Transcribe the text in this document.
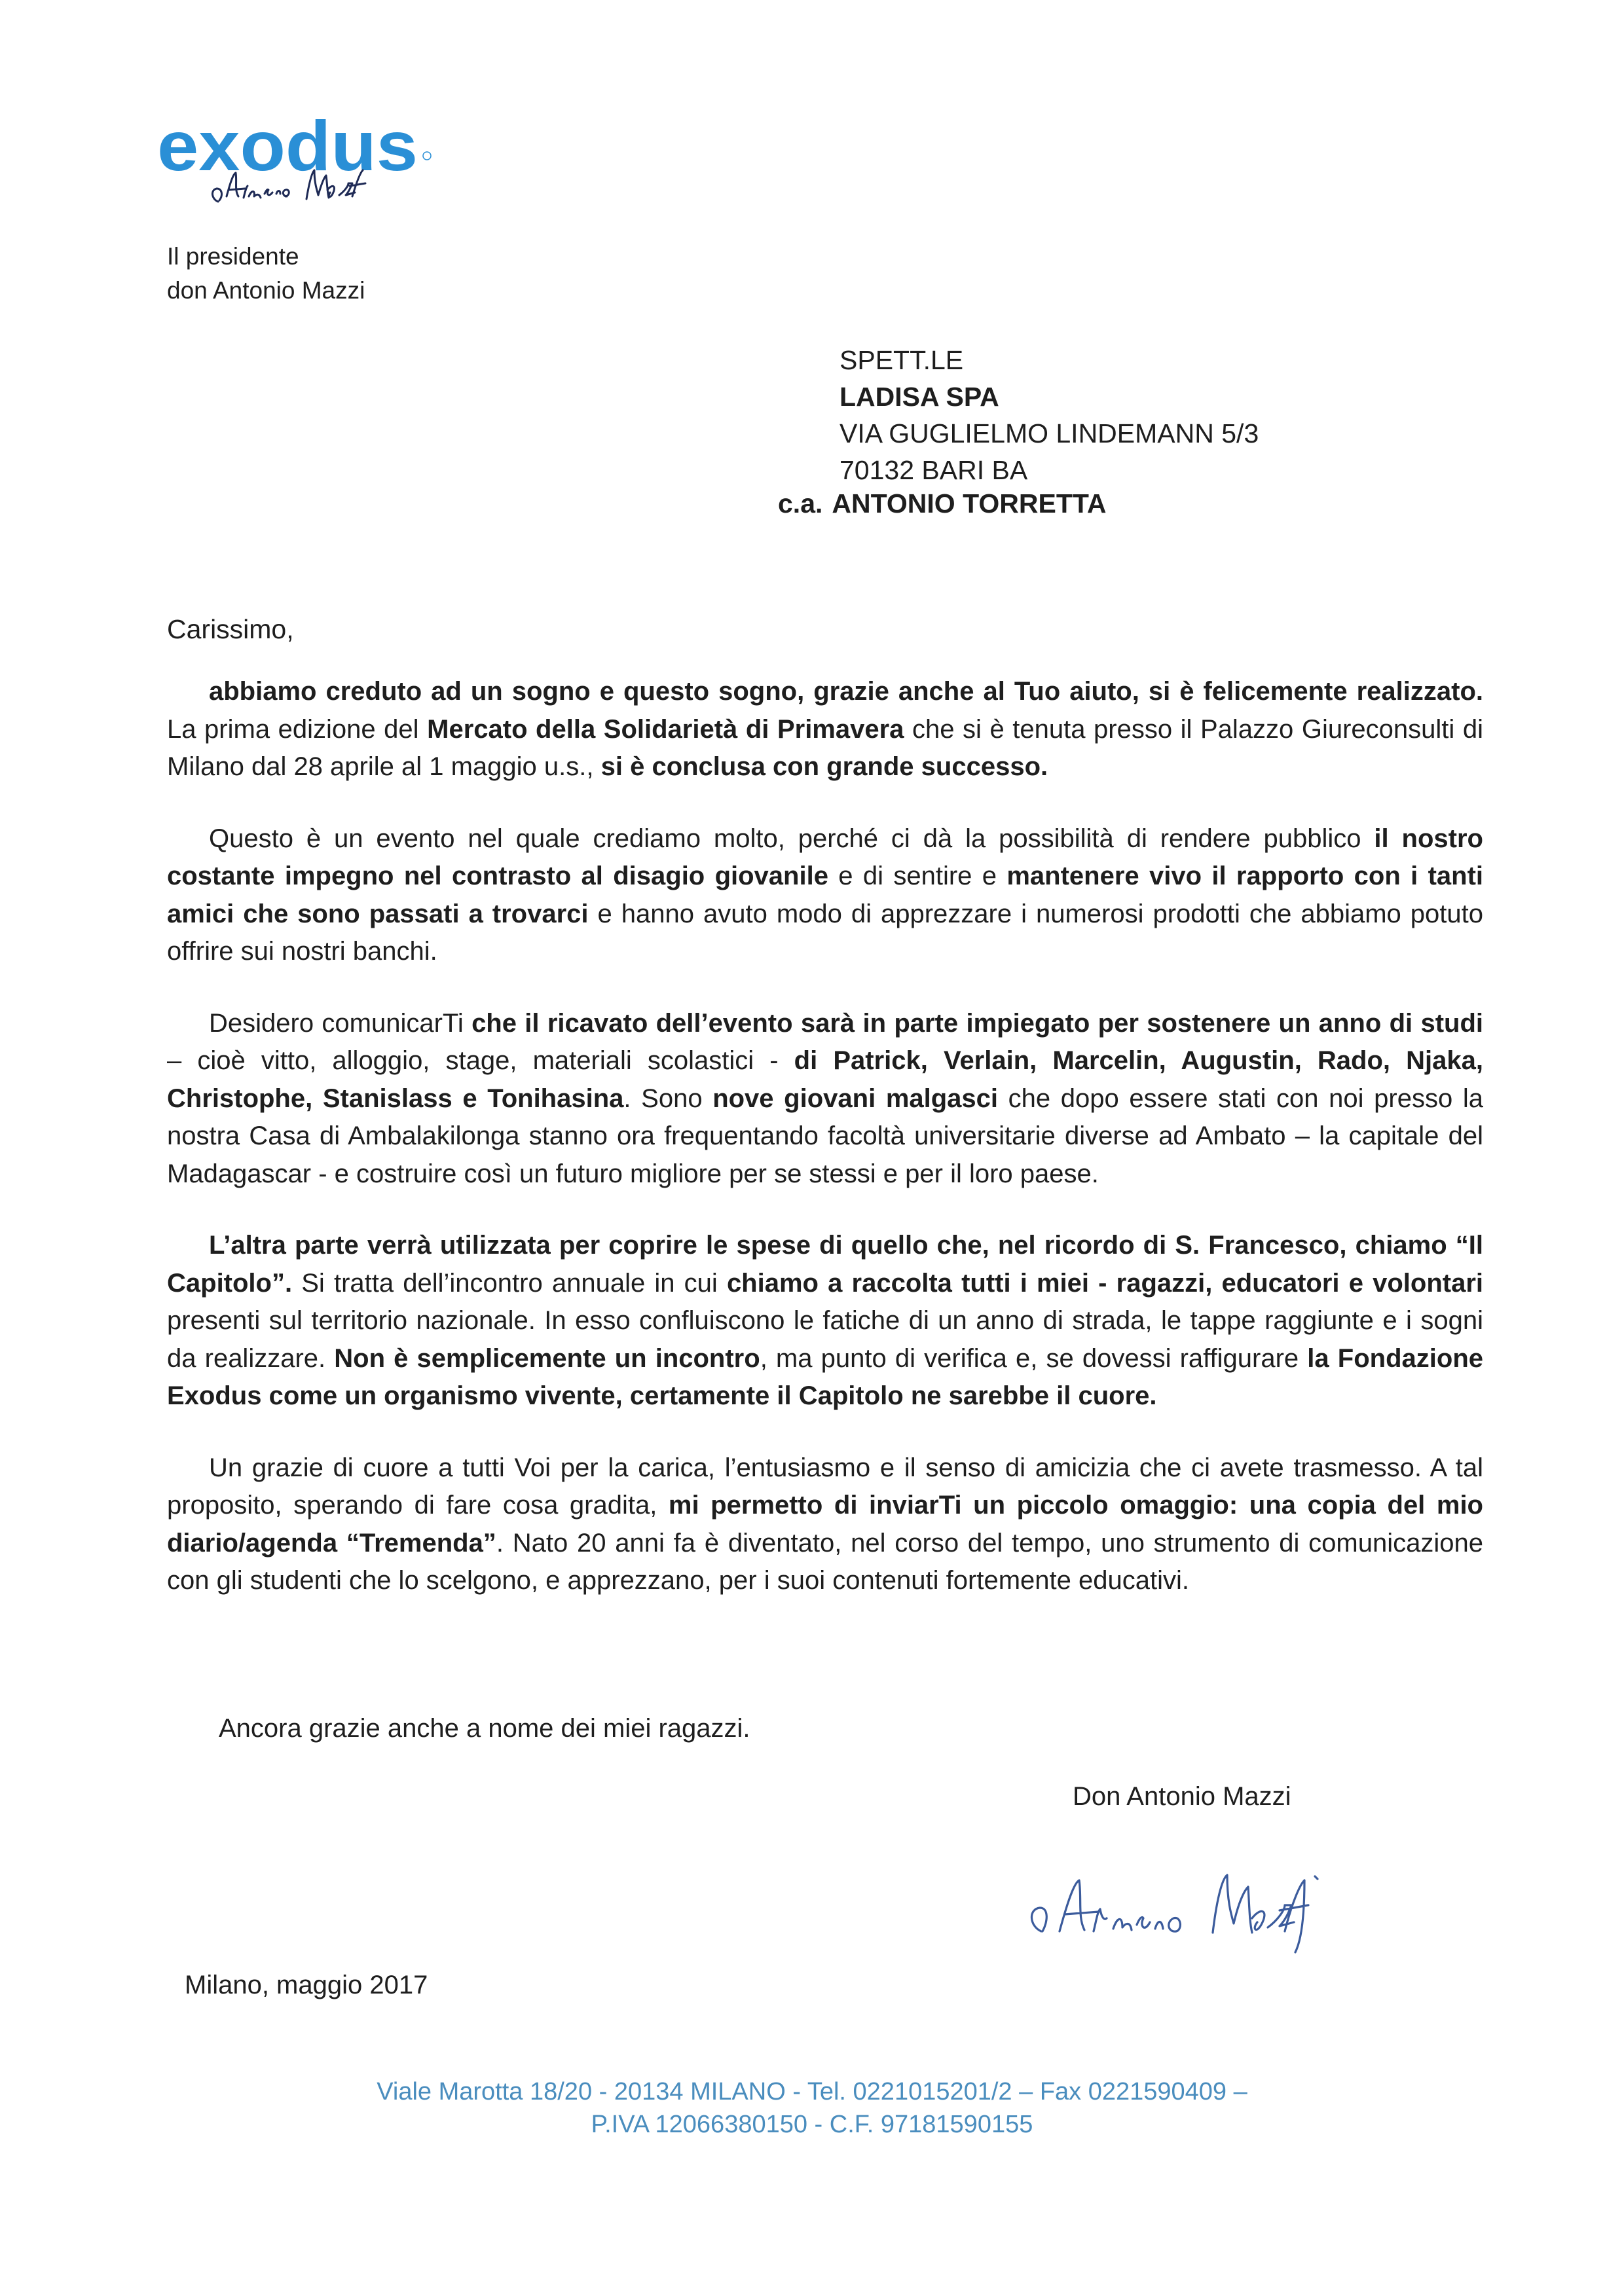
exodus
Il presidente
don Antonio Mazzi
SPETT.LE
LADISA SPA
VIA GUGLIELMO LINDEMANN 5/3
70132 BARI BA
c.a. ANTONIO TORRETTA
Carissimo,

abbiamo creduto ad un sogno e questo sogno, grazie anche al Tuo aiuto, si è felicemente realizzato. La prima edizione del Mercato della Solidarietà di Primavera che si è tenuta presso il Palazzo Giureconsulti di Milano dal 28 aprile al 1 maggio u.s., si è conclusa con grande successo.

Questo è un evento nel quale crediamo molto, perché ci dà la possibilità di rendere pubblico il nostro costante impegno nel contrasto al disagio giovanile e di sentire e mantenere vivo il rapporto con i tanti amici che sono passati a trovarci e hanno avuto modo di apprezzare i numerosi prodotti che abbiamo potuto offrire sui nostri banchi.

Desidero comunicarTi che il ricavato dell’evento sarà in parte impiegato per sostenere un anno di studi – cioè vitto, alloggio, stage, materiali scolastici - di Patrick, Verlain, Marcelin, Augustin, Rado, Njaka, Christophe, Stanislass e Tonihasina. Sono nove giovani malgasci che dopo essere stati con noi presso la nostra Casa di Ambalakilonga stanno ora frequentando facoltà universitarie diverse ad Ambato – la capitale del Madagascar - e costruire così un futuro migliore per se stessi e per il loro paese.

L’altra parte verrà utilizzata per coprire le spese di quello che, nel ricordo di S. Francesco, chiamo “Il Capitolo”. Si tratta dell’incontro annuale in cui chiamo a raccolta tutti i miei - ragazzi, educatori e volontari presenti sul territorio nazionale. In esso confluiscono le fatiche di un anno di strada, le tappe raggiunte e i sogni da realizzare. Non è semplicemente un incontro, ma punto di verifica e, se dovessi raffigurare la Fondazione Exodus come un organismo vivente, certamente il Capitolo ne sarebbe il cuore.

Un grazie di cuore a tutti Voi per la carica, l’entusiasmo e il senso di amicizia che ci avete trasmesso. A tal proposito, sperando di fare cosa gradita, mi permetto di inviarTi un piccolo omaggio: una copia del mio diario/agenda “Tremenda”. Nato 20 anni fa è diventato, nel corso del tempo, uno strumento di comunicazione con gli studenti che lo scelgono, e apprezzano, per i suoi contenuti fortemente educativi.

Ancora grazie anche a nome dei miei ragazzi.
Don Antonio Mazzi
Milano, maggio 2017
Viale Marotta 18/20 - 20134 MILANO - Tel. 0221015201/2 – Fax 0221590409 –
P.IVA 12066380150 - C.F. 97181590155
